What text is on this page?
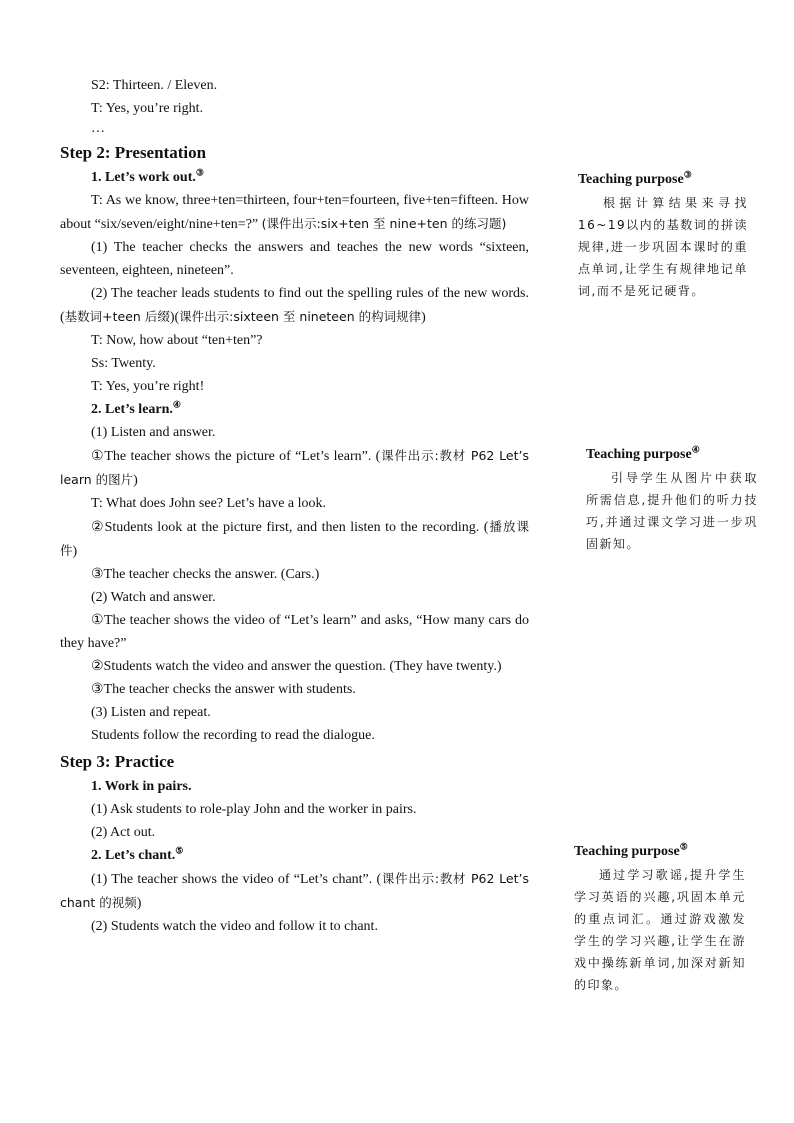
S2: Thirteen. / Eleven.

T: Yes, you’re right.

…

Step 2: Presentation

1. Let’s work out.③

T: As we know, three+ten=thirteen, four+ten=fourteen, five+ten=fifteen. How about “six/seven/eight/nine+ten=?” (课件出示:six+ten 至 nine+ten 的练习题)

(1) The teacher checks the answers and teaches the new words “sixteen, seventeen, eighteen, nineteen”.

(2) The teacher leads students to find out the spelling rules of the new words. (基数词+teen 后缀)(课件出示:sixteen 至 nineteen 的构词规律)

T: Now, how about “ten+ten”?

Ss: Twenty.

T: Yes, you’re right!

2. Let’s learn.④

(1) Listen and answer.

①The teacher shows the picture of “Let’s learn”. (课件出示:教材 P62 Let’s learn 的图片)

T: What does John see? Let’s have a look.

②Students look at the picture first, and then listen to the recording. (播放课件)

③The teacher checks the answer. (Cars.)

(2) Watch and answer.

①The teacher shows the video of “Let’s learn” and asks, “How many cars do they have?”

②Students watch the video and answer the question. (They have twenty.)

③The teacher checks the answer with students.

(3) Listen and repeat.

Students follow the recording to read the dialogue.

Step 3: Practice

1. Work in pairs.

(1) Ask students to role-play John and the worker in pairs.

(2) Act out.

2. Let’s chant.⑤

(1) The teacher shows the video of “Let’s chant”. (课件出示:教材 P62 Let’s chant 的视频)

(2) Students watch the video and follow it to chant.

Teaching purpose③

根据计算结果来寻找16~19以内的基数词的拼读规律,进一步巩固本课时的重点单词,让学生有规律地记单词,而不是死记硬背。

Teaching purpose④

引导学生从图片中获取所需信息,提升他们的听力技巧,并通过课文学习进一步巩固新知。

Teaching purpose⑤

通过学习歌谣,提升学生学习英语的兴趣,巩固本单元的重点词汇。通过游戏激发学生的学习兴趣,让学生在游戏中操练新单词,加深对新知的印象。
